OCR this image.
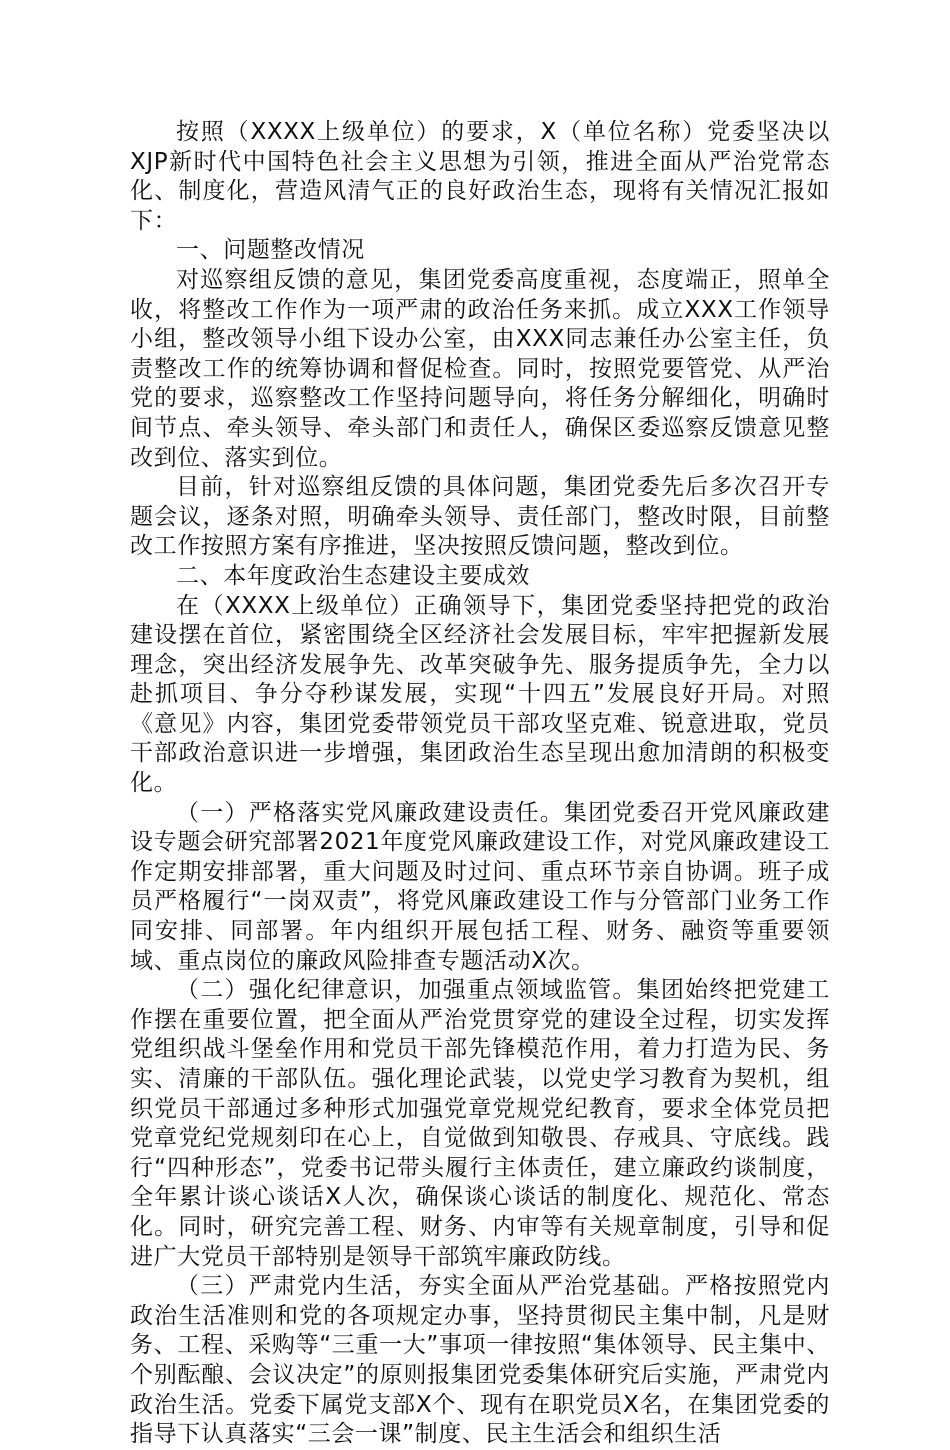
按照（XXXX上级单位）的要求，X（单位名称）党委坚决以XJP新时代中国特色社会主义思想为引领，推进全面从严治党常态化、制度化，营造风清气正的良好政治生态，现将有关情况汇报如下：

一、问题整改情况

对巡察组反馈的意见，集团党委高度重视，态度端正，照单全收，将整改工作作为一项严肃的政治任务来抓。成立XXX工作领导小组，整改领导小组下设办公室，由XXX同志兼任办公室主任，负责整改工作的统筹协调和督促检查。同时，按照党要管党、从严治党的要求，巡察整改工作坚持问题导向，将任务分解细化，明确时间节点、牵头领导、牵头部门和责任人，确保区委巡察反馈意见整改到位、落实到位。

目前，针对巡察组反馈的具体问题，集团党委先后多次召开专题会议，逐条对照，明确牵头领导、责任部门，整改时限，目前整改工作按照方案有序推进，坚决按照反馈问题，整改到位。

二、本年度政治生态建设主要成效

在（XXXX上级单位）正确领导下，集团党委坚持把党的政治建设摆在首位，紧密围绕全区经济社会发展目标，牢牢把握新发展理念，突出经济发展争先、改革突破争先、服务提质争先，全力以赴抓项目、争分夺秒谋发展，实现“十四五”发展良好开局。对照《意见》内容，集团党委带领党员干部攻坚克难、锐意进取，党员干部政治意识进一步增强，集团政治生态呈现出愈加清朗的积极变化。

（一）严格落实党风廉政建设责任。集团党委召开党风廉政建设专题会研究部署2021年度党风廉政建设工作，对党风廉政建设工作定期安排部署，重大问题及时过问、重点环节亲自协调。班子成员严格履行“一岗双责”，将党风廉政建设工作与分管部门业务工作同安排、同部署。年内组织开展包括工程、财务、融资等重要领域、重点岗位的廉政风险排查专题活动X次。

（二）强化纪律意识，加强重点领域监管。集团始终把党建工作摆在重要位置，把全面从严治党贯穿党的建设全过程，切实发挥党组织战斗堡垒作用和党员干部先锋模范作用，着力打造为民、务实、清廉的干部队伍。强化理论武装，以党史学习教育为契机，组织党员干部通过多种形式加强党章党规党纪教育，要求全体党员把党章党纪党规刻印在心上，自觉做到知敬畏、存戒具、守底线。践行“四种形态”，党委书记带头履行主体责任，建立廉政约谈制度，全年累计谈心谈话X人次，确保谈心谈话的制度化、规范化、常态化。同时，研究完善工程、财务、内审等有关规章制度，引导和促进广大党员干部特别是领导干部筑牢廉政防线。

（三）严肃党内生活，夯实全面从严治党基础。严格按照党内政治生活准则和党的各项规定办事，坚持贯彻民主集中制，凡是财务、工程、采购等“三重一大”事项一律按照“集体领导、民主集中、个别酝酿、会议决定”的原则报集团党委集体研究后实施，严肃党内政治生活。党委下属党支部X个、现有在职党员X名，在集团党委的指导下认真落实“三会一课”制度、民主生活会和组织生活
